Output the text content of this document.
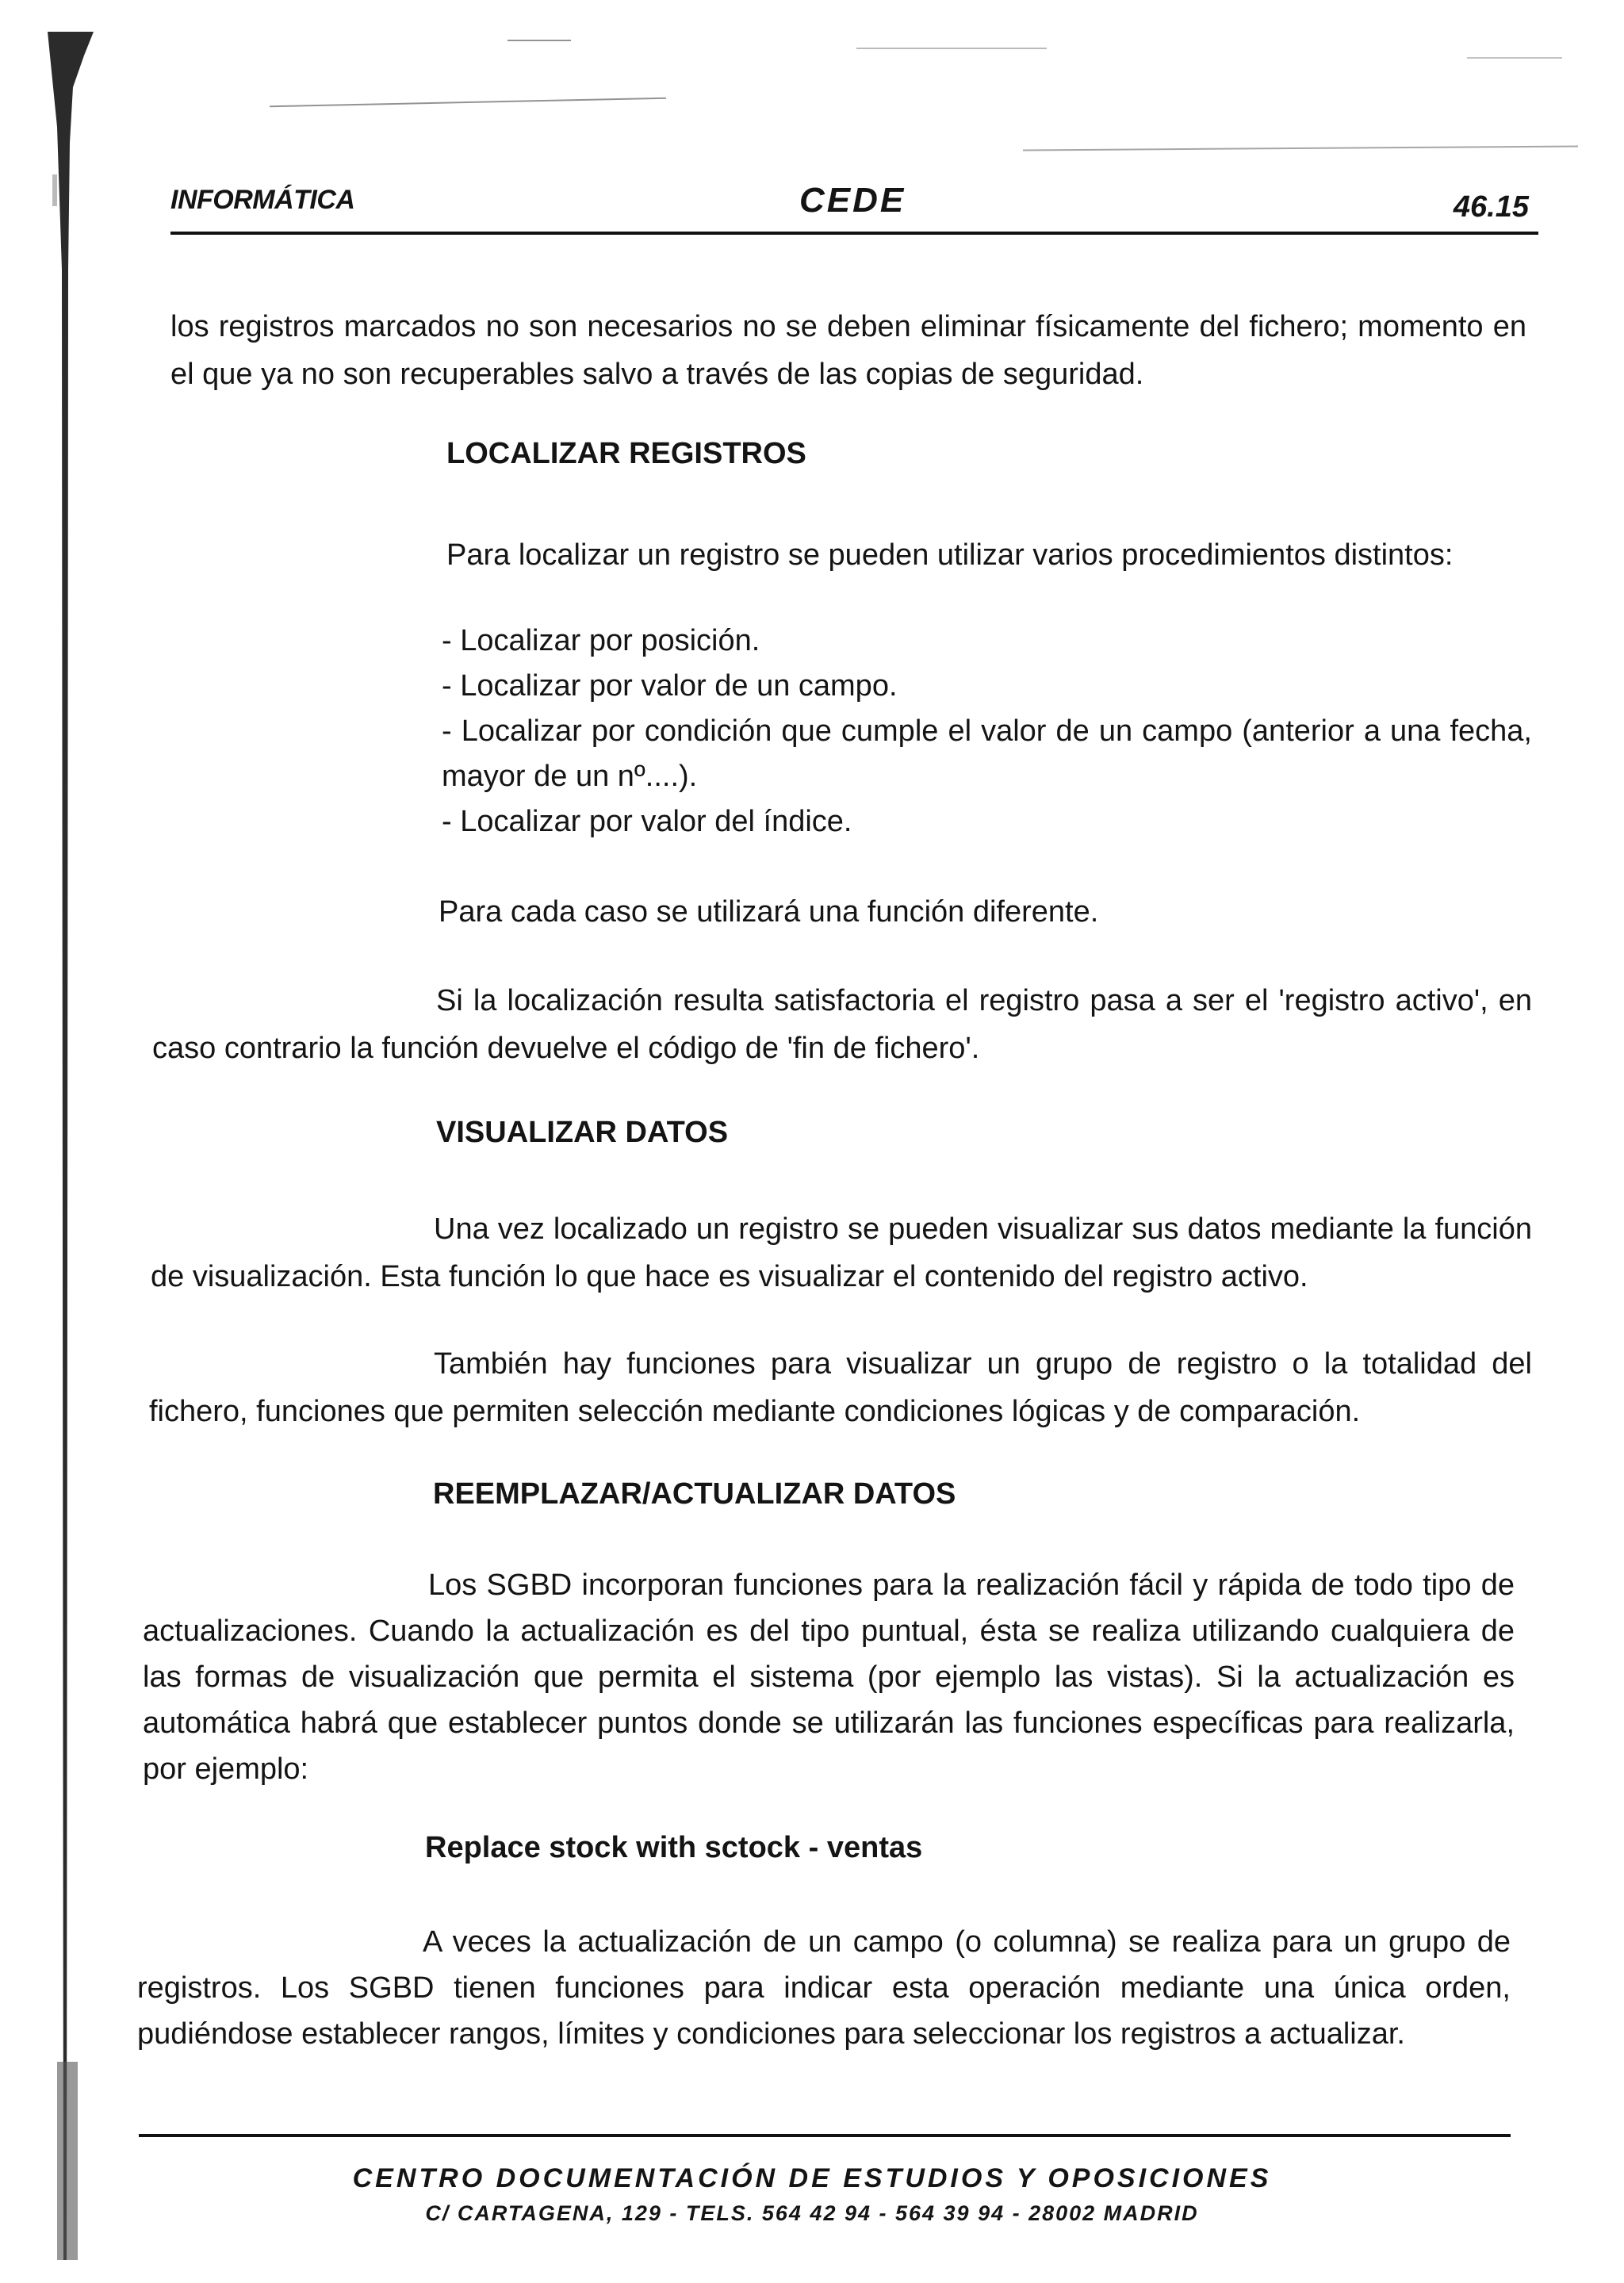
INFORMÁTICA	CEDE	46.15
los registros marcados no son necesarios no se deben eliminar físicamente del fichero; momento en el que ya no son recuperables salvo a través de las copias de seguridad.
LOCALIZAR REGISTROS
Para localizar un registro se pueden utilizar varios procedimientos distintos:
- Localizar por posición.
- Localizar por valor de un campo.
- Localizar por condición que cumple el valor de un campo (anterior a una fecha, mayor de un nº....).
- Localizar por valor del índice.
Para cada caso se utilizará una función diferente.
Si la localización resulta satisfactoria el registro pasa a ser el 'registro activo', en caso contrario la función devuelve el código de 'fin de fichero'.
VISUALIZAR DATOS
Una vez localizado un registro se pueden visualizar sus datos mediante la función de visualización. Esta función lo que hace es visualizar el contenido del registro activo.
También hay funciones para visualizar un grupo de registro o la totalidad del fichero, funciones que permiten selección mediante condiciones lógicas y de comparación.
REEMPLAZAR/ACTUALIZAR DATOS
Los SGBD incorporan funciones para la realización fácil y rápida de todo tipo de actualizaciones. Cuando la actualización es del tipo puntual, ésta se realiza utilizando cualquiera de las formas de visualización que permita el sistema (por ejemplo las vistas). Si la actualización es automática habrá que establecer puntos donde se utilizarán las funciones específicas para realizarla, por ejemplo:
Replace stock with sctock - ventas
A veces la actualización de un campo (o columna) se realiza para un grupo de registros. Los SGBD tienen funciones para indicar esta operación mediante una única orden, pudiéndose establecer rangos, límites y condiciones para seleccionar los registros a actualizar.
CENTRO DOCUMENTACIÓN DE ESTUDIOS Y OPOSICIONES
C/ CARTAGENA, 129 - TELS. 564 42 94 - 564 39 94 - 28002 MADRID
